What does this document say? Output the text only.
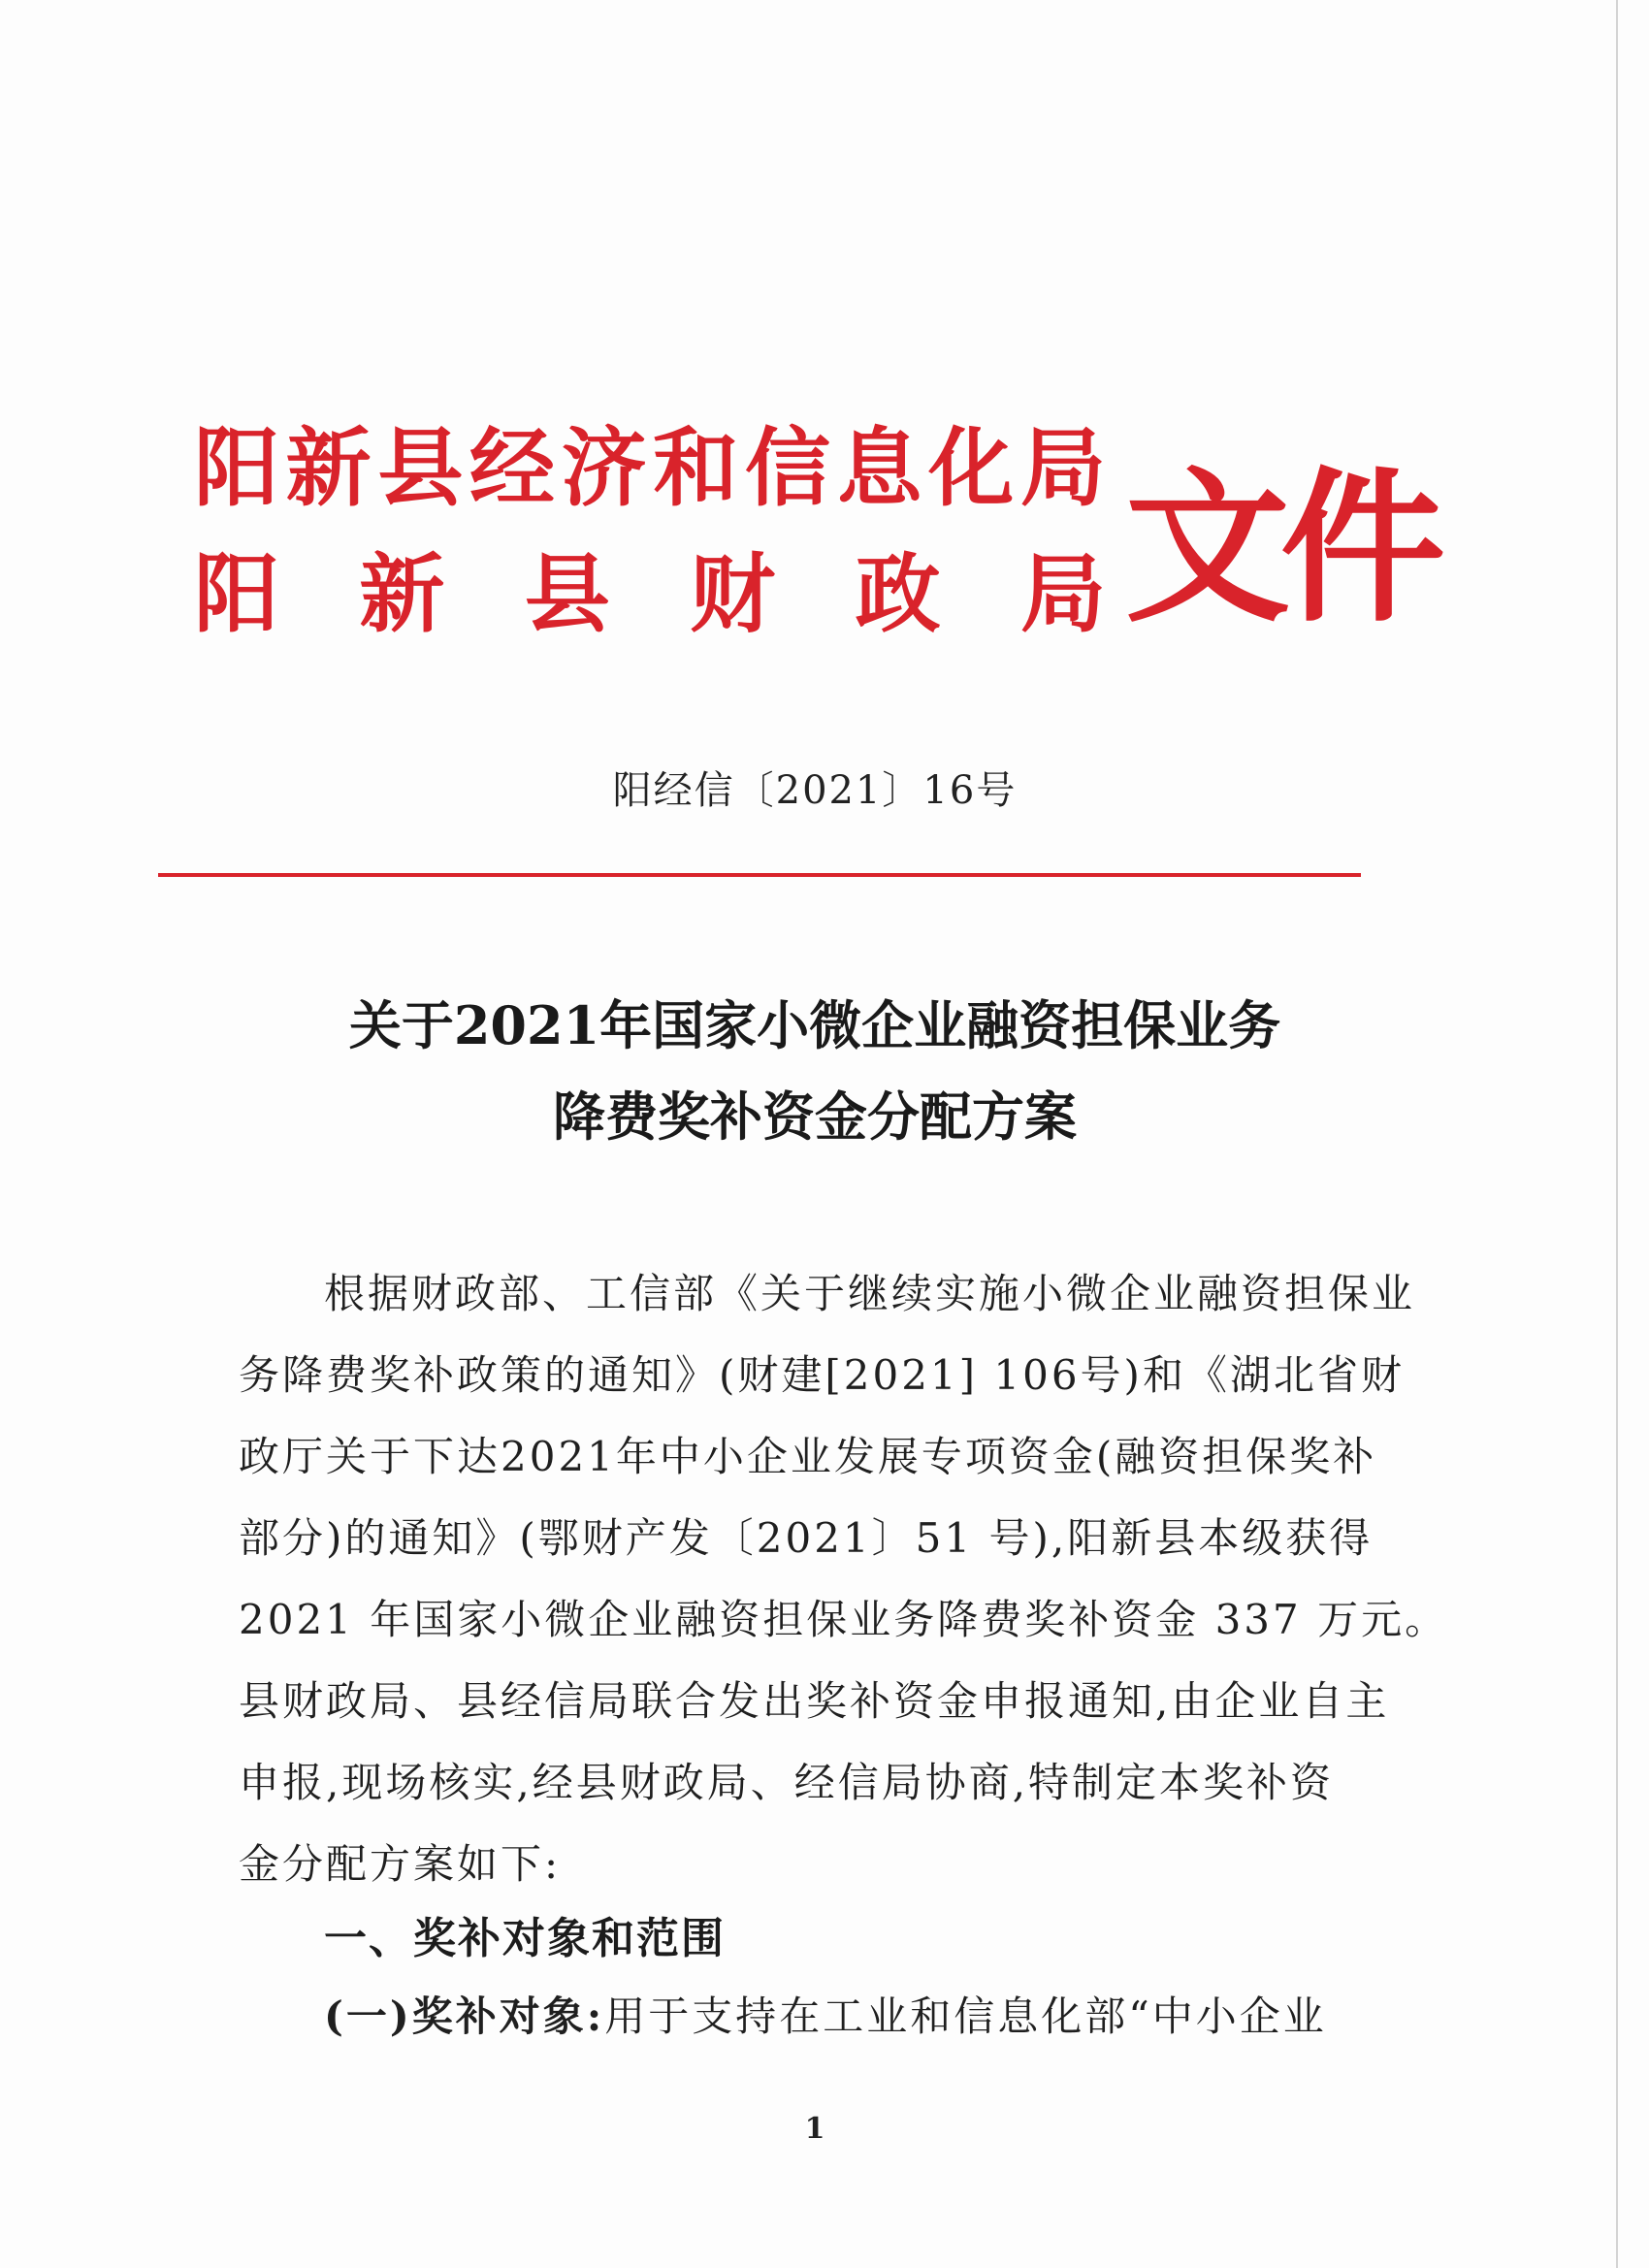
阳 新 县 经 济 和 信 息 化 局
阳 新 县 财 政 局 文件
阳经信〔2021〕16号
关于2021年国家小微企业融资担保业务
降费奖补资金分配方案
根据财政部、工信部《关于继续实施小微企业融资担保业
务降费奖补政策的通知》(财建[2021] 106号)和《湖北省财
政厅关于下达2021年中小企业发展专项资金(融资担保奖补
部分)的通知》(鄂财产发〔2021〕51 号),阳新县本级获得
2021 年国家小微企业融资担保业务降费奖补资金 337 万元。
县财政局、县经信局联合发出奖补资金申报通知,由企业自主
申报,现场核实,经县财政局、经信局协商,特制定本奖补资
金分配方案如下:
一、奖补对象和范围
(一)奖补对象:用于支持在工业和信息化部“中小企业
1
